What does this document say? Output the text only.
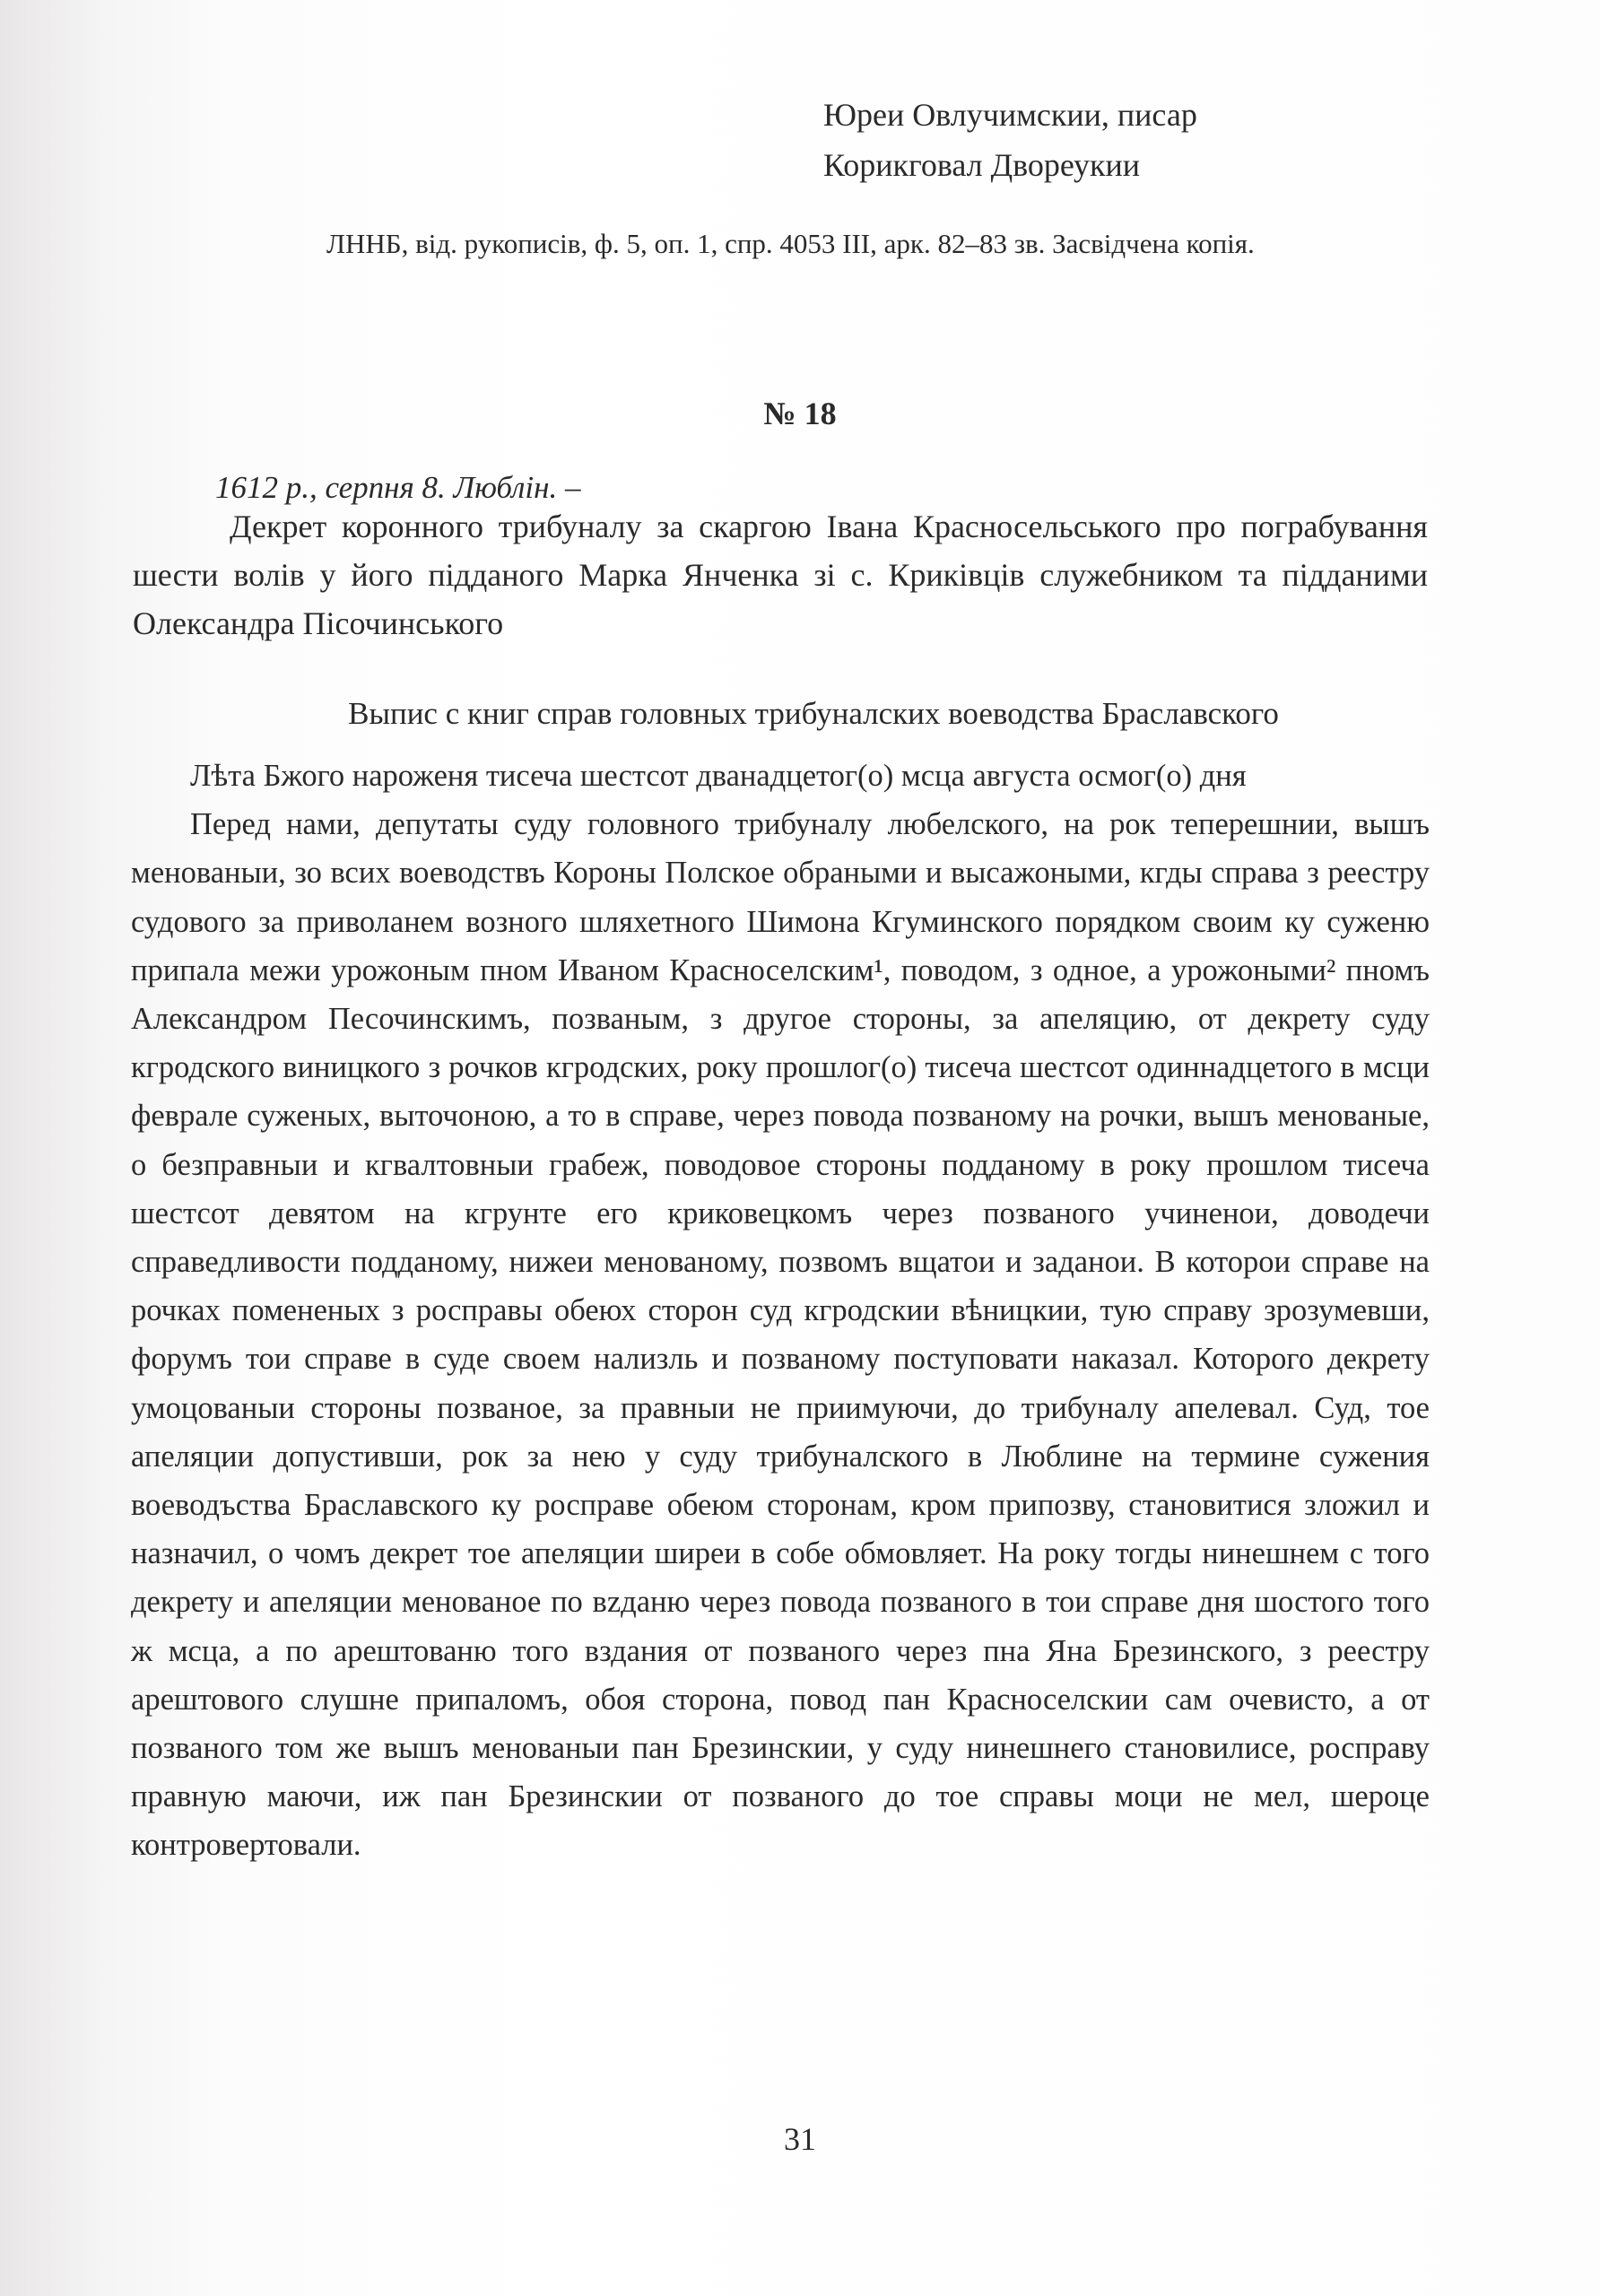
Юреи Овлучимскии, писар
Корикговал Двореукии
ЛННБ, від. рукописів, ф. 5, оп. 1, спр. 4053 III, арк. 82–83 зв. Засвідчена копія.
№ 18
1612 р., серпня 8. Люблін. –
Декрет коронного трибуналу за скаргою Івана Красносельського про пограбування шести волів у його підданого Марка Янченка зі с. Криківців служебником та підданими Олександра Пісочинського
Выпис с книг справ головных трибуналских воеводства Браславского

Лѣта Бжого нароженя тисеча шестсот дванадцетог(о) мсца августа осмог(о) дня

Перед нами, депутаты суду головного трибуналу любелского, на рок теперешнии, вышъ менованыи, зо всих воеводствъ Короны Полское обраными и высажоными, кгды справа з реестру судового за приволанем возного шляхетного Шимона Кгуминского порядком своим ку суженю припала межи урожоным пном Иваном Красноселским¹, поводом, з одное, а урожоными² пномъ Александром Песочинскимъ, позваным, з другое стороны, за апеляцию, от декрету суду кгродского виницкого з рочков кгродских, року прошлог(о) тисеча шестсот одиннадцетого в мсци феврале суженых, выточоною, а то в справе, через повода позваному на рочки, вышъ менованые, о безправныи и кгвалтовныи грабеж, поводовое стороны подданому в року прошлом тисеча шестсот девятом на кгрунте его криковецкомъ через позваного учиненои, доводечи справедливости подданому, нижеи менованому, позвомъ вщатои и заданои. В которои справе на рочках помененых з росправы обеюх сторон суд кгродскии вѣницкии, тую справу зрозумевши, форумъ тои справе в суде своем нализль и позваному поступовати наказал. Которого декрету умоцованыи стороны позваное, за правныи не приимуючи, до трибуналу апелевал. Суд, тое апеляции допустивши, рок за нею у суду трибуналского в Люблине на термине сужения воеводъства Браславского ку росправе обеюм сторонам, кром припозву, становитися зложил и назначил, о чомъ декрет тое апеляции ширеи в собе обмовляет. На року тогды нинешнем с того декрету и апеляции менованое по вzданю через повода позваного в тои справе дня шостого того ж мсца, а по арештованю того вздания от позваного через пна Яна Брезинского, з реестру арештового слушне припаломъ, обоя сторона, повод пан Красноселскии сам очевисто, а от позваного том же вышъ менованыи пан Брезинскии, у суду нинешнего становилисе, росправу правную маючи, иж пан Брезинскии от позваного до тое справы моци не мел, шероце контровертовали.

31
